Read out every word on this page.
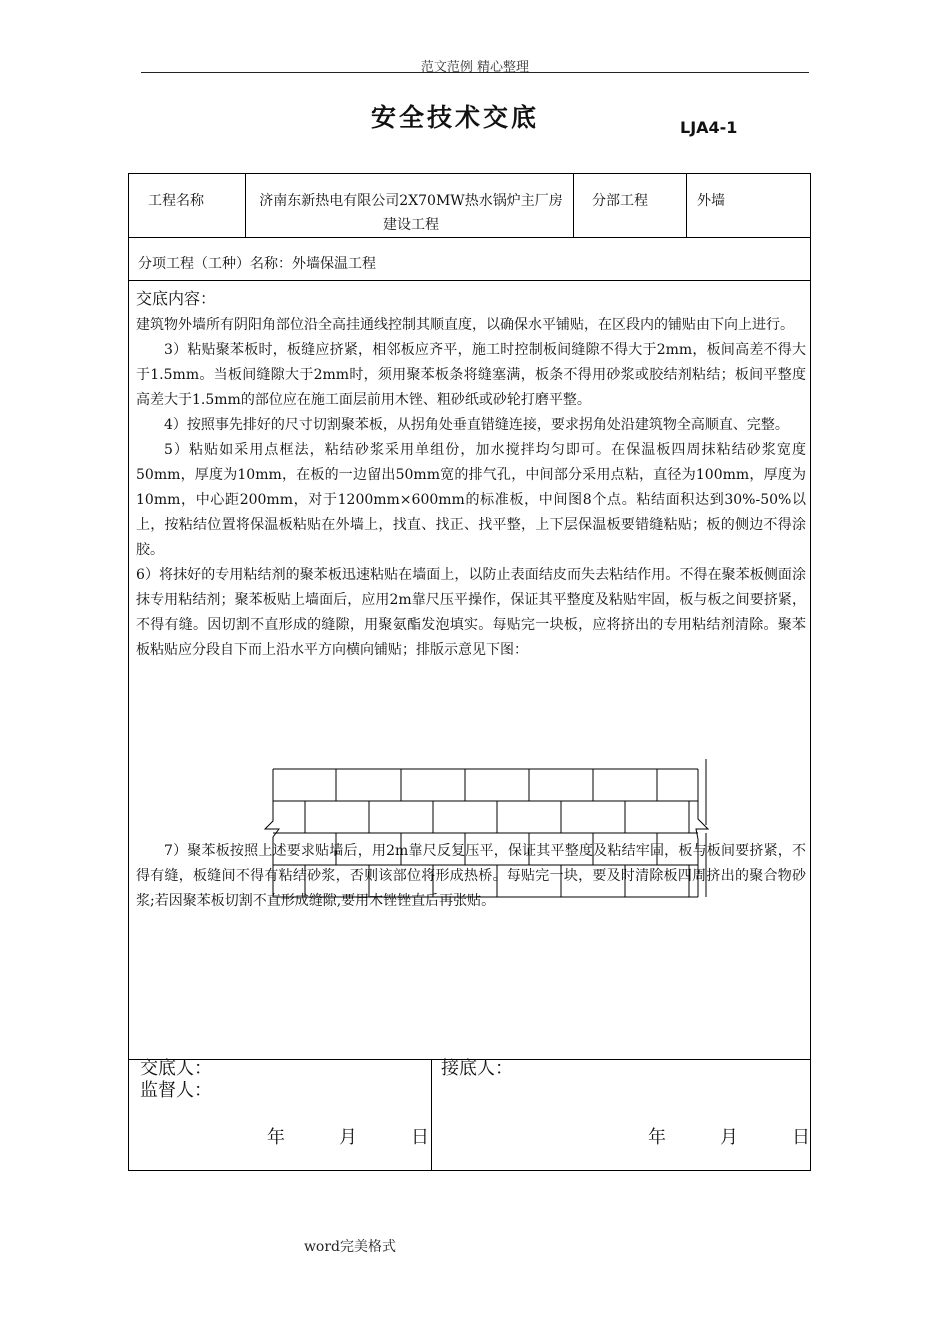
范文范例 精心整理
安全技术交底	LJA4-1
工程名称	济南东新热电有限公司2X70MW热水锅炉主厂房建设工程
分部工程	外墙
分项工程（工种）名称：外墙保温工程
交底内容：

建筑物外墙所有阴阳角部位沿全高挂通线控制其顺直度，以确保水平铺贴，在区段内的铺贴由下向上进行。

3）粘贴聚苯板时，板缝应挤紧，相邻板应齐平，施工时控制板间缝隙不得大于2mm，板间高差不得大于1.5mm。当板间缝隙大于2mm时，须用聚苯板条将缝塞满，板条不得用砂浆或胶结剂粘结；板间平整度高差大于1.5mm的部位应在施工面层前用木锉、粗砂纸或砂轮打磨平整。

4）按照事先排好的尺寸切割聚苯板，从拐角处垂直错缝连接，要求拐角处沿建筑物全高顺直、完整。

5）粘贴如采用点框法，粘结砂浆采用单组份，加水搅拌均匀即可。在保温板四周抹粘结砂浆宽度50mm，厚度为10mm，在板的一边留出50mm宽的排气孔，中间部分采用点粘，直径为100mm，厚度为10mm，中心距200mm，对于1200mm×600mm的标准板，中间图8个点。粘结面积达到30%-50%以上，按粘结位置将保温板粘贴在外墙上，找直、找正、找平整，上下层保温板要错缝粘贴；板的侧边不得涂胶。

6）将抹好的专用粘结剂的聚苯板迅速粘贴在墙面上，以防止表面结皮而失去粘结作用。不得在聚苯板侧面涂抹专用粘结剂；聚苯板贴上墙面后，应用2m靠尺压平操作，保证其平整度及粘贴牢固，板与板之间要挤紧，不得有缝。因切割不直形成的缝隙，用聚氨酯发泡填实。每贴完一块板，应将挤出的专用粘结剂清除。聚苯板粘贴应分段自下而上沿水平方向横向铺贴；排版示意见下图：

7）聚苯板按照上述要求贴墙后，用2m靠尺反复压平，保证其平整度及粘结牢固，板与板间要挤紧，不得有缝，板缝间不得有粘结砂浆，否则该部位将形成热桥。每贴完一块，要及时清除板四周挤出的聚合物砂浆;若因聚苯板切割不直形成缝隙,要用木锉锉直后再张贴。

交底人：
监督人：
接底人：
年　　　月　　　日	年　　　月　　　日
word完美格式
